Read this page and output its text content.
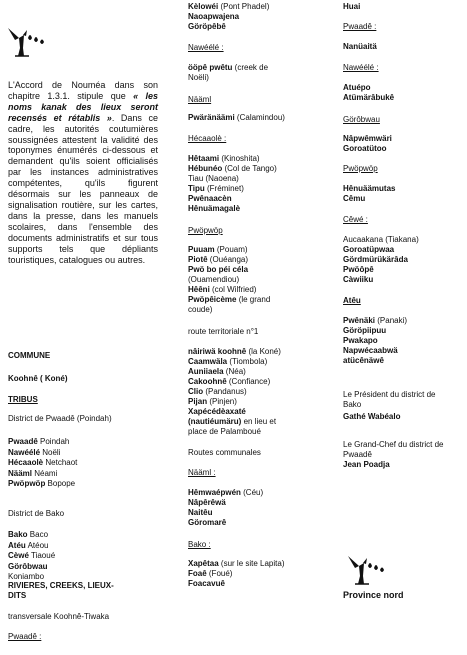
L'Accord de Nouméa dans son chapitre 1.3.1. stipule que « les noms kanak des lieux seront recensés et rétablis ». Dans ce cadre, les autorités coutumières soussignées attestent la validité des toponymes énumérés ci-dessous et demandent qu'ils soient officialisés par les instances administratives compétentes, qu'ils figurent désormais sur les panneaux de signalisation routière, sur les cartes, dans la presse, dans les manuels scolaires, dans l'ensemble des documents administratifs et sur tous supports tels que dépliants touristiques, catalogues ou autres.

COMMUNE
Koohnê ( Koné)
TRIBUS
District de Pwaadê (Poindah)
Pwaadê Poindah
Nawéélé Noëli
Hécaaolè Netchaot
Nääml Néami
Pwöpwöp Bopope
District de Bako
Bako Baco
Atéu Atéou
Cèwé Tiaoué
Görôbwau
Koniambo
RIVIERES, CREEKS, LIEUX-
DITS
transversale Koohnê-Tiwaka
Pwaadê :
Kèlowéi (Pont Phadel)
Naoapwajena
Göröpêbê
Nawéélé :
ööpê pwêtu (creek de
Noëli)
Nääml
Pwäränäämi (Calamindou)
Hécaaolè :
Hêtaami (Kinoshita)
Hébunéo (Col de Tango)
Tiau (Naoena)
Tipu (Fréminet)
Pwênaacèn
Hênuämagalè
Pwöpwöp
Puuam (Pouam)
Piotê (Ouéanga)
Pwö bo péi céla
(Ouamendiou)
Hêêni (col Wilfried)
Pwöpêicème (le grand
coude)
route territoriale n°1
nâiriwä koohnê (la Koné)
Caamwäla (Tiombola)
Auniiaela (Néa)
Cakoohnê (Confiance)
Clio (Pandanus)
Pijan (Pinjen)
Xapécédèaxaté
(nautiéumäru) en lieu et
place de Palamboué
Routes communales
Nääml :
Hêmwaépwén (Céu)
Nâpêrêwä
Naitêu
Göromarê
Bako :
Xapêtaa (sur le site Lapita)
Foaê (Foué)
Foacavuê
Huai
Pwaadê :
Nanüaitä
Nawéélé :
Atuépo
Atümärâbukê
Görôbwau
Nâpwêmwäri
Goroatütoo
Pwöpwöp
Hênuäämutas
Cêmu
Cêwé :
Aucaakana (Tiakana)
Goroatüpwaa
Gördmürükärâda
Pwöôpê
Càwiiku
Atêu
Pwênäki (Panaki)
Göröpiipuu
Pwakapo
Napwécaabwä
atücênäwê
Le Président du district de
Bako
Gathé Wabéalo
Le Grand-Chef du district de
Pwaadê
Jean Poadja
Province nord
